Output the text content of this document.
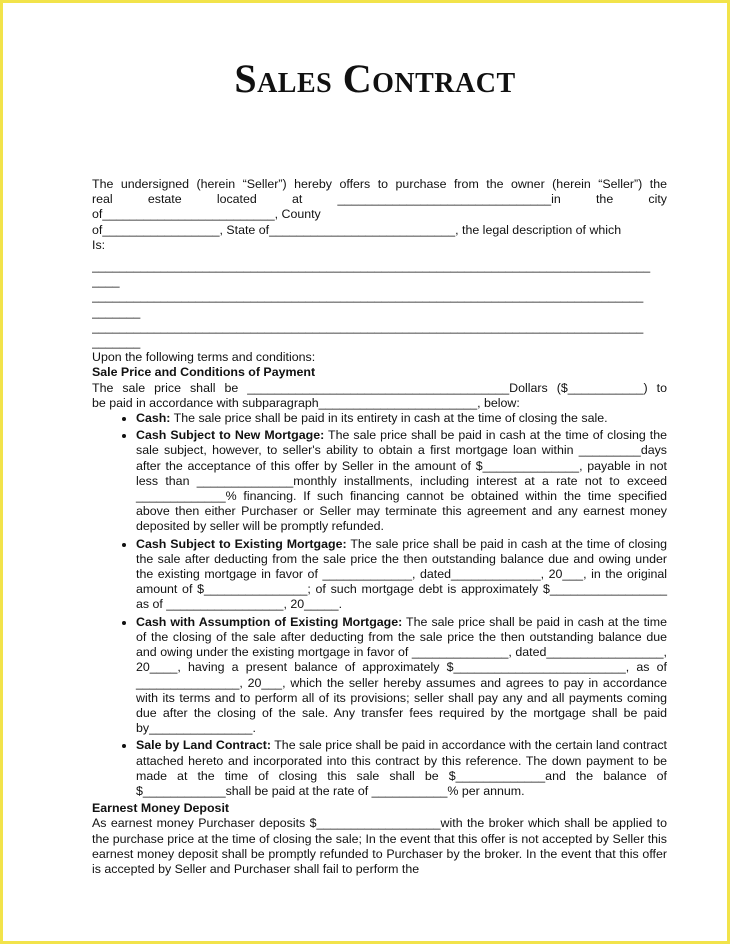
Sales Contract

The undersigned (herein “Seller”) hereby offers to purchase from the owner (herein “Seller”) the

real estate located at _______________________________in the city

of_________________________, County

of_________________, State of___________________________, the legal description of which

Is:

_________________________________________________________________________________

____

________________________________________________________________________________

_______

________________________________________________________________________________

_______

Upon the following terms and conditions:

Sale Price and Conditions of Payment

The sale price shall be ______________________________________Dollars ($___________) to

be paid in accordance with subparagraph_______________________, below:

• Cash: The sale price shall be paid in its entirety in cash at the time of closing the sale.
• Cash Subject to New Mortgage: The sale price shall be paid in cash at the time of closing the sale subject, however, to seller's ability to obtain a first mortgage loan within _________days after the acceptance of this offer by Seller in the amount of $______________, payable in not less than ______________monthly installments, including interest at a rate not to exceed _____________% financing. If such financing cannot be obtained within the time specified above then either Purchaser or Seller may terminate this agreement and any earnest money deposited by seller will be promptly refunded.
• Cash Subject to Existing Mortgage: The sale price shall be paid in cash at the time of closing the sale after deducting from the sale price the then outstanding balance due and owing under the existing mortgage in favor of _____________, dated_____________, 20___, in the original amount of $_______________; of such mortgage debt is approximately $_________________ as of _________________, 20_____.
• Cash with Assumption of Existing Mortgage: The sale price shall be paid in cash at the time of the closing of the sale after deducting from the sale price the then outstanding balance due and owing under the existing mortgage in favor of ______________, dated_________________, 20____, having a present balance of approximately $_________________________, as of _______________, 20___, which the seller hereby assumes and agrees to pay in accordance with its terms and to perform all of its provisions; seller shall pay any and all payments coming due after the closing of the sale. Any transfer fees required by the mortgage shall be paid by_______________.
• Sale by Land Contract: The sale price shall be paid in accordance with the certain land contract attached hereto and incorporated into this contract by this reference. The down payment to be made at the time of closing this sale shall be $_____________and the balance of $____________shall be paid at the rate of ___________% per annum.

Earnest Money Deposit

As earnest money Purchaser deposits $__________________with the broker which shall be applied to the purchase price at the time of closing the sale; In the event that this offer is not accepted by Seller this earnest money deposit shall be promptly refunded to Purchaser by the broker. In the event that this offer is accepted by Seller and Purchaser shall fail to perform the
